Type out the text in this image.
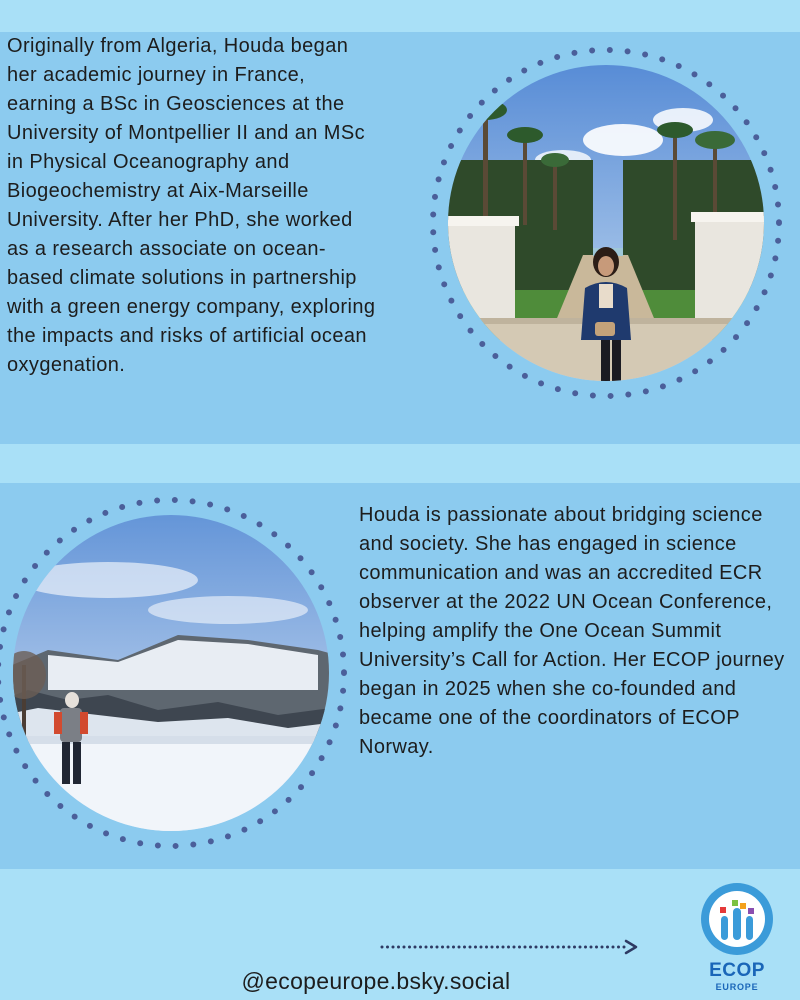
Originally from Algeria, Houda began her academic journey in France, earning a BSc in Geosciences at the University of Montpellier II and an MSc in Physical Oceanography and Biogeochemistry at Aix-Marseille University. After her PhD, she worked as a research associate on ocean-based climate solutions in partnership with a green energy company, exploring the impacts and risks of artificial ocean oxygenation.

Houda is passionate about bridging science and society. She has engaged in science communication and was an accredited ECR observer at the 2022 UN Ocean Conference, helping amplify the One Ocean Summit University’s Call for Action. Her ECOP journey began in 2025 when she co-founded and became one of the coordinators of ECOP Norway.

@ecopeurope.bsky.social	ECOP

EUROPE
